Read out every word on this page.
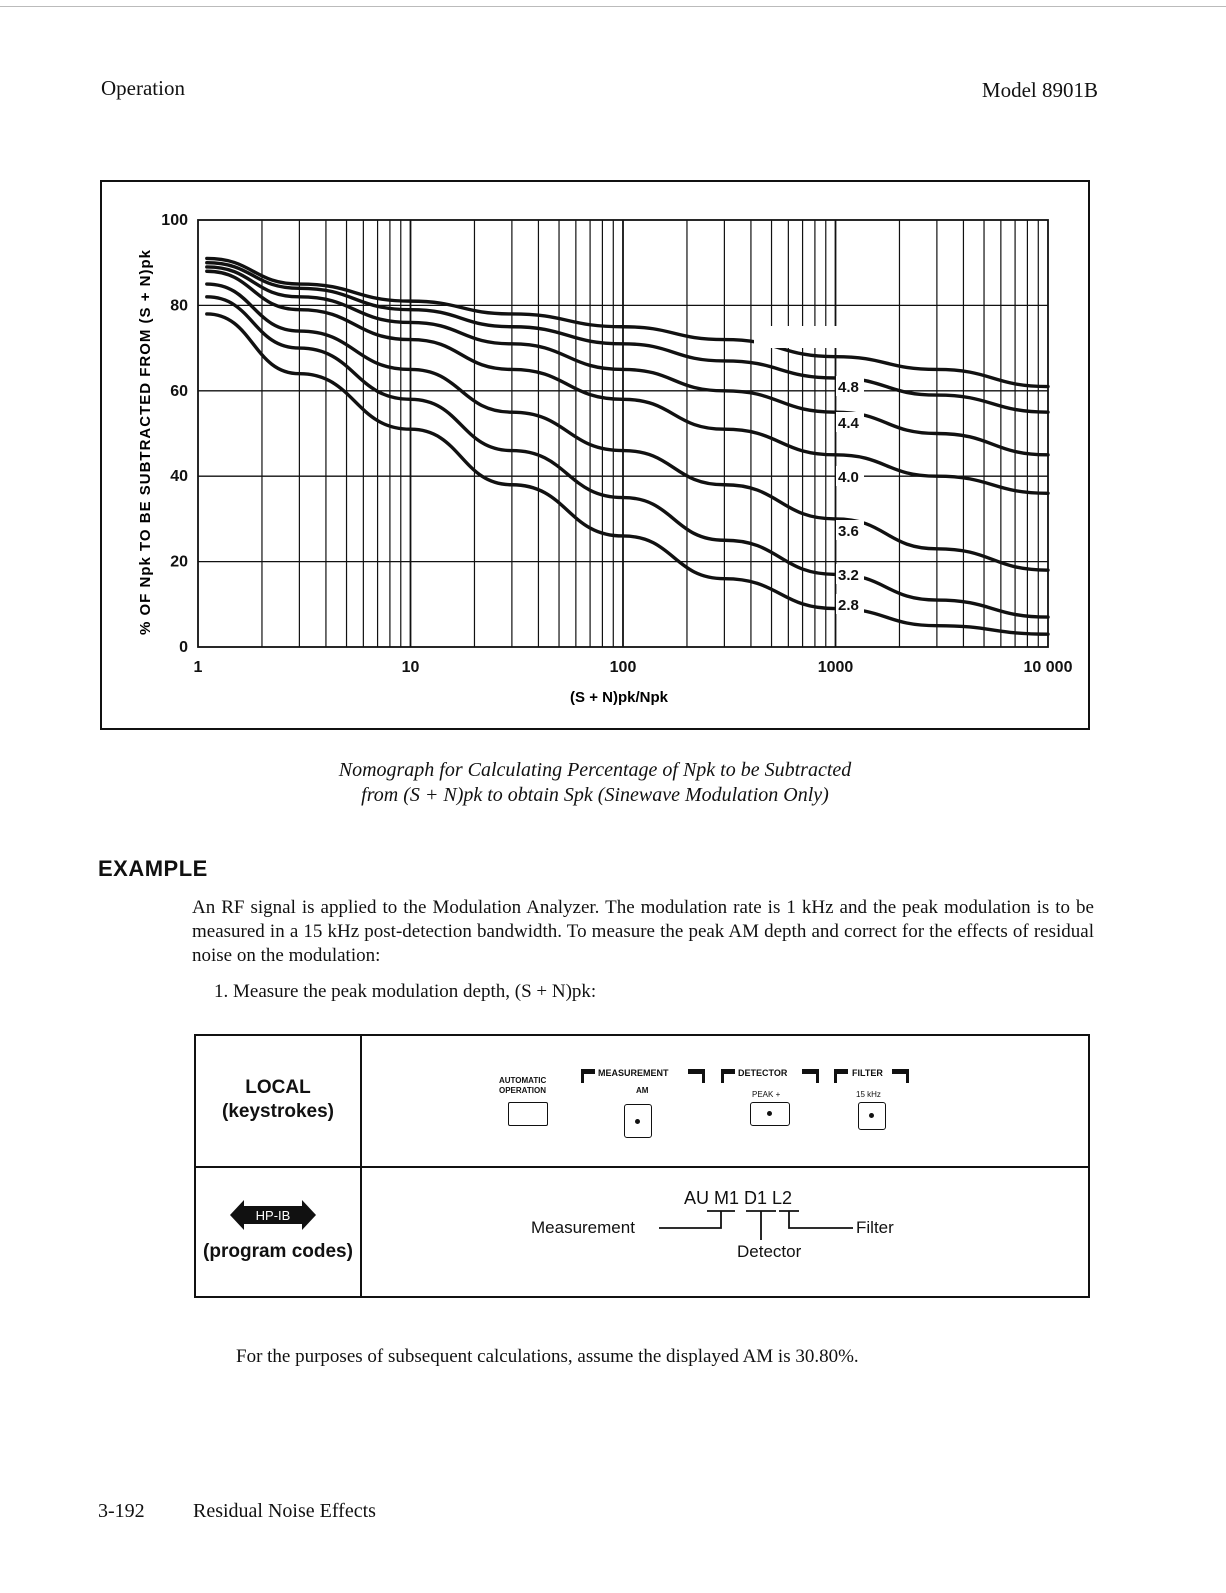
Operation	Model 8901B
4.8
4.4
4.0
3.6
3.2
2.8
0
20
40
60
80
100
1	10	100	1000	10 000
(S + N)pk/Npk
% OF Npk TO BE SUBTRACTED FROM (S + N)pk
Nomograph for Calculating Percentage of Npk to be Subtracted
from (S + N)pk to obtain Spk (Sinewave Modulation Only)
EXAMPLE
An RF signal is applied to the Modulation Analyzer. The modulation rate is 1 kHz and the peak modulation is to be measured in a 15 kHz post-detection bandwidth. To measure the peak AM depth and correct for the effects of residual noise on the modulation:
1. Measure the peak modulation depth, (S + N)pk:
LOCAL
(keystrokes)
AUTOMATIC
OPERATION
MEASUREMENT
AM
DETECTOR
PEAK +
FILTER
15 kHz
HP-IB
(program codes)
AU M1 D1 L2
Measurement	Filter
Detector
For the purposes of subsequent calculations, assume the displayed AM is 30.80%.
3-192 Residual Noise Effects
